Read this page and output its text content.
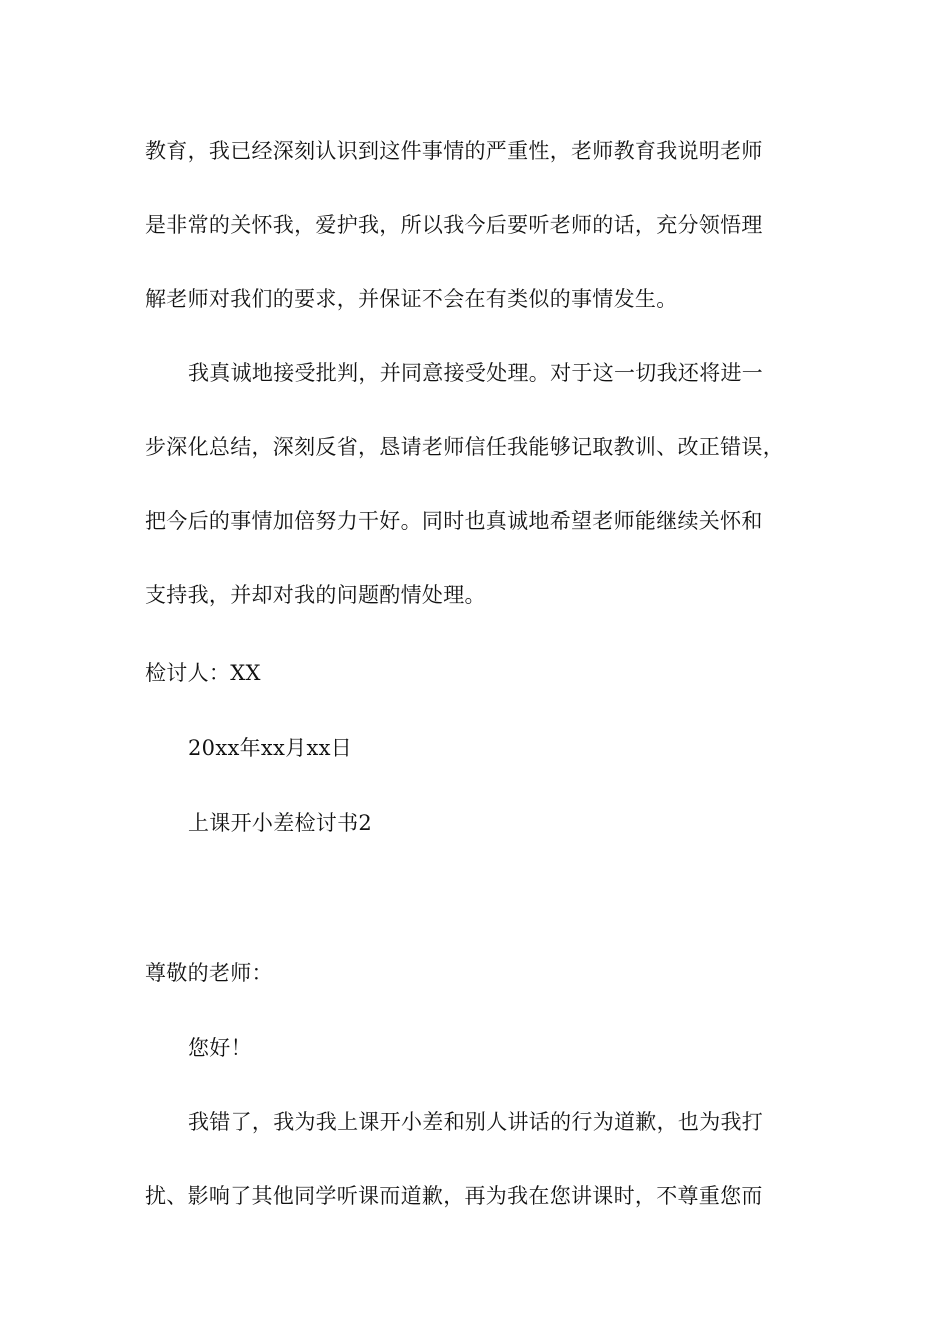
教育，我已经深刻认识到这件事情的严重性，老师教育我说明老师
是非常的关怀我，爱护我，所以我今后要听老师的话，充分领悟理
解老师对我们的要求，并保证不会在有类似的事情发生。
我真诚地接受批判，并同意接受处理。对于这一切我还将进一
步深化总结，深刻反省，恳请老师信任我能够记取教训、改正错误，
把今后的事情加倍努力干好。同时也真诚地希望老师能继续关怀和
支持我，并却对我的问题酌情处理。
检讨人：XX
20xx年xx月xx日
上课开小差检讨书2
尊敬的老师：
您好！
我错了，我为我上课开小差和别人讲话的行为道歉，也为我打
扰、影响了其他同学听课而道歉，再为我在您讲课时，不尊重您而
